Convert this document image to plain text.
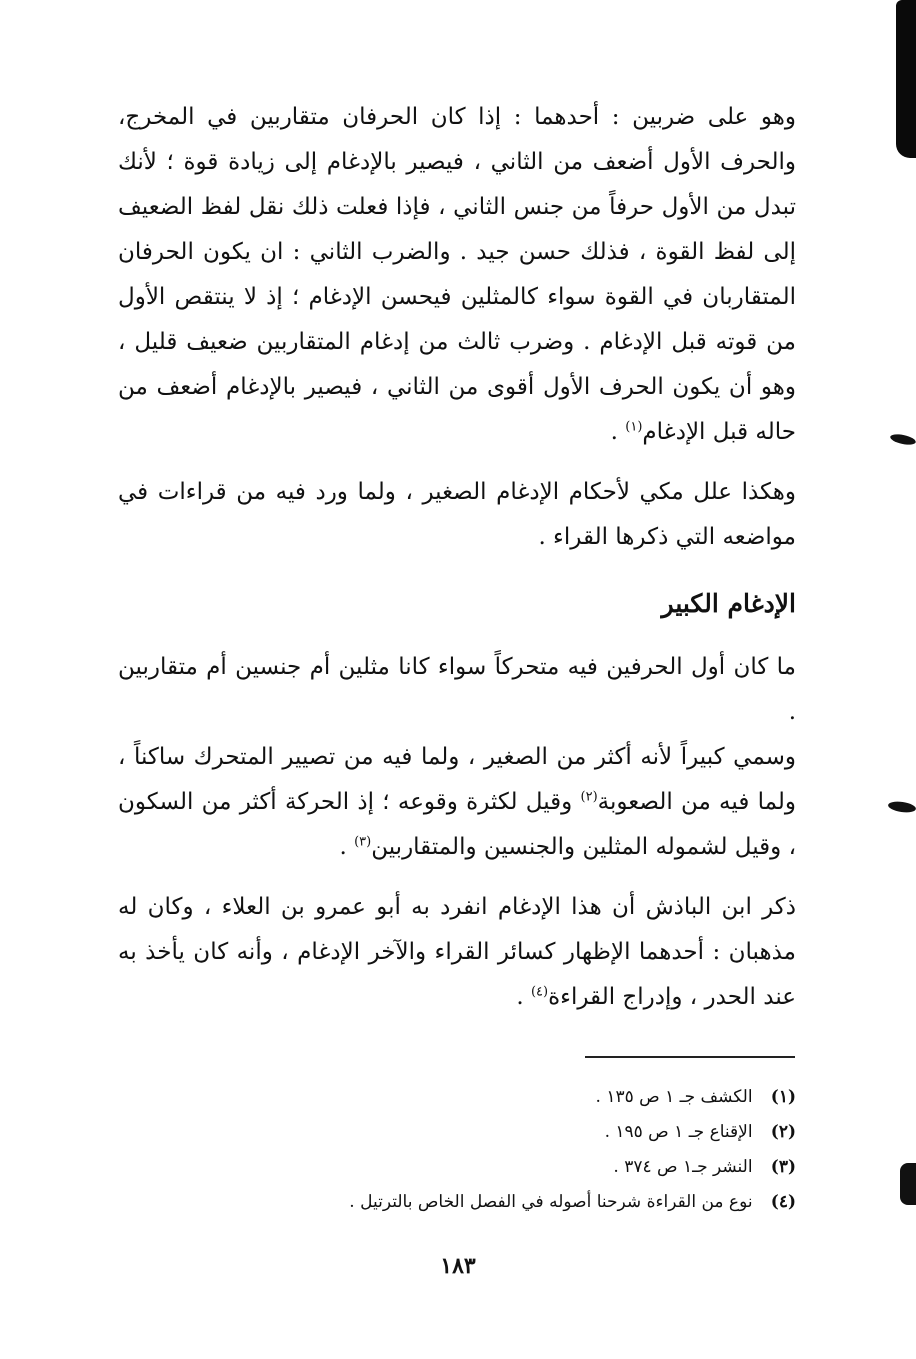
وهو على ضربين : أحدهما : إذا كان الحرفان متقاربين في المخرج، والحرف الأول أضعف من الثاني ، فيصير بالإدغام إلى زيادة قوة ؛ لأنك تبدل من الأول حرفاً من جنس الثاني ، فإذا فعلت ذلك نقل لفظ الضعيف إلى لفظ القوة ، فذلك حسن جيد . والضرب الثاني : ان يكون الحرفان المتقاربان في القوة سواء كالمثلين فيحسن الإدغام ؛ إذ لا ينتقص الأول من قوته قبل الإدغام . وضرب ثالث من إدغام المتقاربين ضعيف قليل ، وهو أن يكون الحرف الأول أقوى من الثاني ، فيصير بالإدغام أضعف من حاله قبل الإدغام$^{(١)}$ .

وهكذا علل مكي لأحكام الإدغام الصغير ، ولما ورد فيه من قراءات في مواضعه التي ذكرها القراء .

الإدغام الكبير

ما كان أول الحرفين فيه متحركاً سواء كانا مثلين أم جنسين أم متقاربين .

وسمي كبيراً لأنه أكثر من الصغير ، ولما فيه من تصيير المتحرك ساكناً ، ولما فيه من الصعوبة$^{(٢)}$ وقيل لكثرة وقوعه ؛ إذ الحركة أكثر من السكون ، وقيل لشموله المثلين والجنسين والمتقاربين$^{(٣)}$ .

ذكر ابن الباذش أن هذا الإدغام انفرد به أبو عمرو بن العلاء ، وكان له مذهبان : أحدهما الإظهار كسائر القراء والآخر الإدغام ، وأنه كان يأخذ به عند الحدر ، وإدراج القراءة$^{(٤)}$ .

(١) الكشف جـ ١ ص ١٣٥ .
(٢) الإقناع جـ ١ ص ١٩٥ .
(٣) النشر جـ١ ص ٣٧٤ .
(٤) نوع من القراءة شرحنا أصوله في الفصل الخاص بالترتيل .
١٨٣
